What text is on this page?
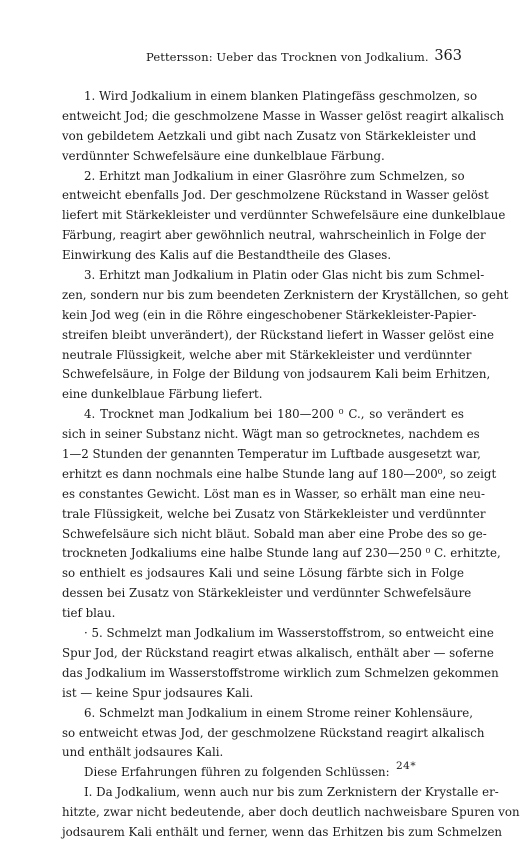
Pettersson: Ueber das Trocknen von Jodkalium. 363
1. Wird Jodkalium in einem blanken Platingefäss geschmolzen, so
entweicht Jod; die geschmolzene Masse in Wasser gelöst reagirt alkalisch
von gebildetem Aetzkali und gibt nach Zusatz von Stärkekleister und
verdünnter Schwefelsäure eine dunkelblaue Färbung.
2. Erhitzt man Jodkalium in einer Glasröhre zum Schmelzen, so
entweicht ebenfalls Jod. Der geschmolzene Rückstand in Wasser gelöst
liefert mit Stärkekleister und verdünnter Schwefelsäure eine dunkelblaue
Färbung, reagirt aber gewöhnlich neutral, wahrscheinlich in Folge der
Einwirkung des Kalis auf die Bestandtheile des Glases.
3. Erhitzt man Jodkalium in Platin oder Glas nicht bis zum Schmel-
zen, sondern nur bis zum beendeten Zerknistern der Kryställchen, so geht
kein Jod weg (ein in die Röhre eingeschobener Stärkekleister-Papier-
streifen bleibt unverändert), der Rückstand liefert in Wasser gelöst eine
neutrale Flüssigkeit, welche aber mit Stärkekleister und verdünnter
Schwefelsäure, in Folge der Bildung von jodsaurem Kali beim Erhitzen,
eine dunkelblaue Färbung liefert.
4. Trocknet man Jodkalium bei 180—200 ⁰ C., so verändert es
sich in seiner Substanz nicht. Wägt man so getrocknetes, nachdem es
1—2 Stunden der genannten Temperatur im Luftbade ausgesetzt war,
erhitzt es dann nochmals eine halbe Stunde lang auf 180—200⁰, so zeigt
es constantes Gewicht. Löst man es in Wasser, so erhält man eine neu-
trale Flüssigkeit, welche bei Zusatz von Stärkekleister und verdünnter
Schwefelsäure sich nicht bläut. Sobald man aber eine Probe des so ge-
trockneten Jodkaliums eine halbe Stunde lang auf 230—250 ⁰ C. erhitzte,
so enthielt es jodsaures Kali und seine Lösung färbte sich in Folge
dessen bei Zusatz von Stärkekleister und verdünnter Schwefelsäure
tief blau.
· 5. Schmelzt man Jodkalium im Wasserstoffstrom, so entweicht eine
Spur Jod, der Rückstand reagirt etwas alkalisch, enthält aber — soferne
das Jodkalium im Wasserstoffstrome wirklich zum Schmelzen gekommen
ist — keine Spur jodsaures Kali.
6. Schmelzt man Jodkalium in einem Strome reiner Kohlensäure,
so entweicht etwas Jod, der geschmolzene Rückstand reagirt alkalisch
und enthält jodsaures Kali.
Diese Erfahrungen führen zu folgenden Schlüssen:
I. Da Jodkalium, wenn auch nur bis zum Zerknistern der Krystalle er-
hitzte, zwar nicht bedeutende, aber doch deutlich nachweisbare Spuren von
jodsaurem Kali enthält und ferner, wenn das Erhitzen bis zum Schmelzen
24*
